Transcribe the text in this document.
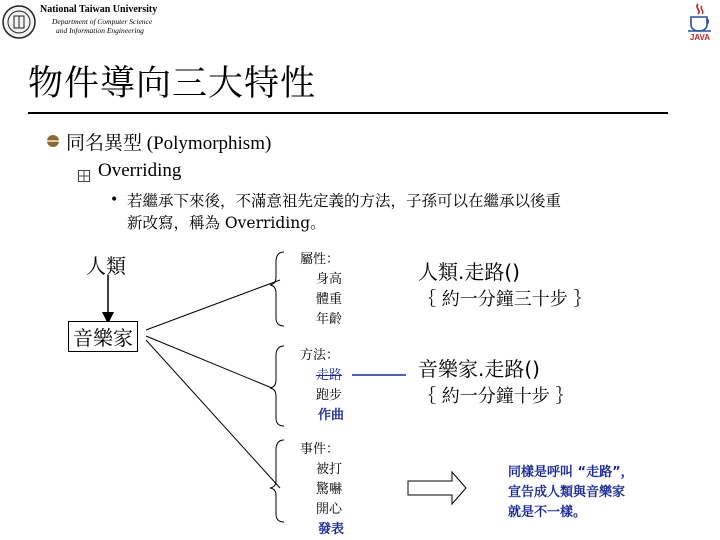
National Taiwan University
Department of Computer Science
and Information Engineering
JAVA
物件導向三大特性
同名異型 (Polymorphism)
Overriding
• 若繼承下來後，不滿意祖先定義的方法，子孫可以在繼承以後重
新改寫，稱為 Overriding。
人類
音樂家
屬性：
身高
體重
年齡
方法：
走路
跑步
作曲
事件：
被打
驚嚇
開心
發表
人類.走路()
｛ 約一分鐘三十步 ｝
音樂家.走路()
｛ 約一分鐘十步 ｝
同樣是呼叫 “走路”，
宣告成人類與音樂家
就是不一樣。
